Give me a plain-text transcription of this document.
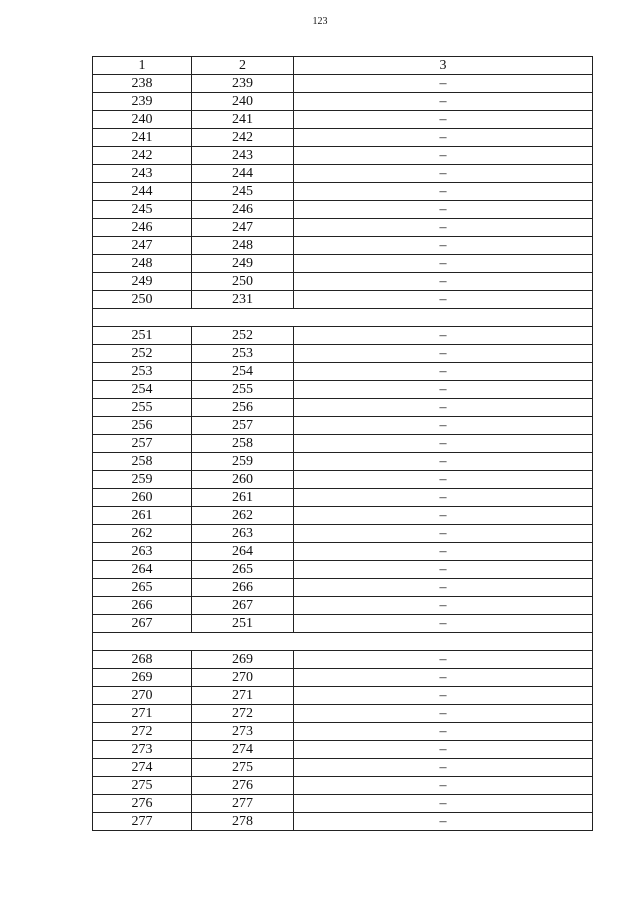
123
1	2	3
238	239	–
239	240	–
240	241	–
241	242	–
242	243	–
243	244	–
244	245	–
245	246	–
246	247	–
247	248	–
248	249	–
249	250	–
250	231	–

251	252	–
252	253	–
253	254	–
254	255	–
255	256	–
256	257	–
257	258	–
258	259	–
259	260	–
260	261	–
261	262	–
262	263	–
263	264	–
264	265	–
265	266	–
266	267	–
267	251	–

268	269	–
269	270	–
270	271	–
271	272	–
272	273	–
273	274	–
274	275	–
275	276	–
276	277	–
277	278	–
